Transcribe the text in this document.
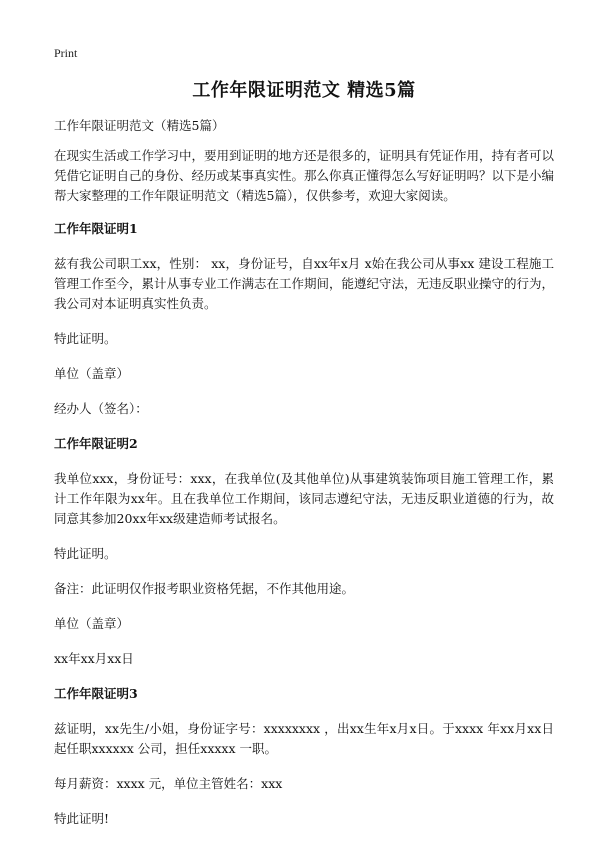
Print
工作年限证明范文 精选5篇

工作年限证明范文（精选5篇）

在现实生活或工作学习中，要用到证明的地方还是很多的，证明具有凭证作用，持有者可以凭借它证明自己的身份、经历或某事真实性。那么你真正懂得怎么写好证明吗？以下是小编帮大家整理的工作年限证明范文（精选5篇），仅供参考，欢迎大家阅读。

工作年限证明1

兹有我公司职工xx，性别： xx，身份证号，自xx年x月 x始在我公司从事xx 建设工程施工管理工作至今，累计从事专业工作满志在工作期间，能遵纪守法，无违反职业操守的行为，我公司对本证明真实性负责。

特此证明。

单位（盖章）

经办人（签名）：

工作年限证明2

我单位xxx，身份证号：xxx，在我单位(及其他单位)从事建筑装饰项目施工管理工作，累计工作年限为xx年。且在我单位工作期间，该同志遵纪守法，无违反职业道德的行为，故同意其参加20xx年xx级建造师考试报名。

特此证明。

备注：此证明仅作报考职业资格凭据，不作其他用途。

单位（盖章）

xx年xx月xx日

工作年限证明3

兹证明，xx先生/小姐，身份证字号：xxxxxxxx ，出xx生年x月x日。于xxxx 年xx月xx日起任职xxxxxx 公司，担任xxxxx 一职。

每月薪资：xxxx 元，单位主管姓名：xxx

特此证明!
